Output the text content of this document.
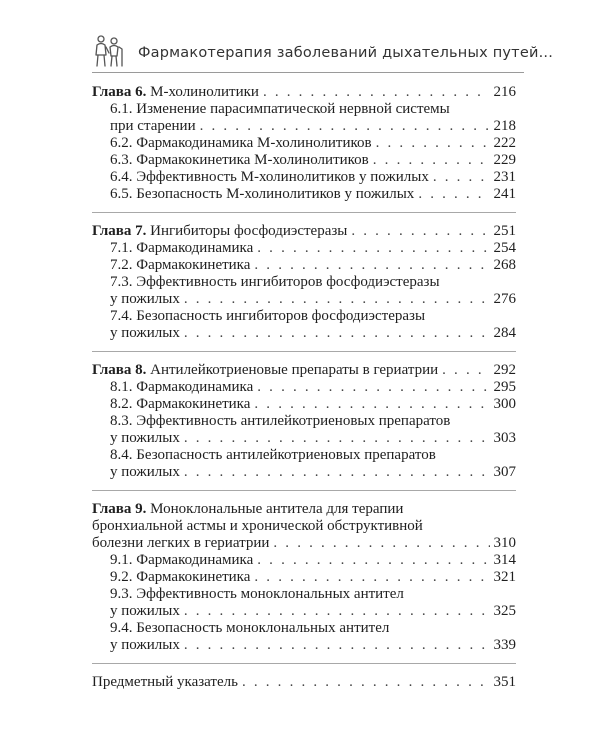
Фармакотерапия заболеваний дыхательных путей...
Глава 6. М-холинолитики . . .	216
6.1. Изменение парасимпатической нервной системы
при старении . . .	218
6.2. Фармакодинамика М-холинолитиков . . .	222
6.3. Фармакокинетика М-холинолитиков . . .	229
6.4. Эффективность М-холинолитиков у пожилых . . .	231
6.5. Безопасность М-холинолитиков у пожилых . . .	241
Глава 7. Ингибиторы фосфодиэстеразы . . .	251
7.1. Фармакодинамика . . .	254
7.2. Фармакокинетика . . .	268
7.3. Эффективность ингибиторов фосфодиэстеразы
у пожилых . . .	276
7.4. Безопасность ингибиторов фосфодиэстеразы
у пожилых . . .	284
Глава 8. Антилейкотриеновые препараты в гериатрии . . .	292
8.1. Фармакодинамика . . .	295
8.2. Фармакокинетика . . .	300
8.3. Эффективность антилейкотриеновых препаратов
у пожилых . . .	303
8.4. Безопасность антилейкотриеновых препаратов
у пожилых . . .	307
Глава 9. Моноклональные антитела для терапии
бронхиальной астмы и хронической обструктивной
болезни легких в гериатрии . . .	310
9.1. Фармакодинамика . . .	314
9.2. Фармакокинетика . . .	321
9.3. Эффективность моноклональных антител
у пожилых . . .	325
9.4. Безопасность моноклональных антител
у пожилых . . .	339
Предметный указатель . . .	351
